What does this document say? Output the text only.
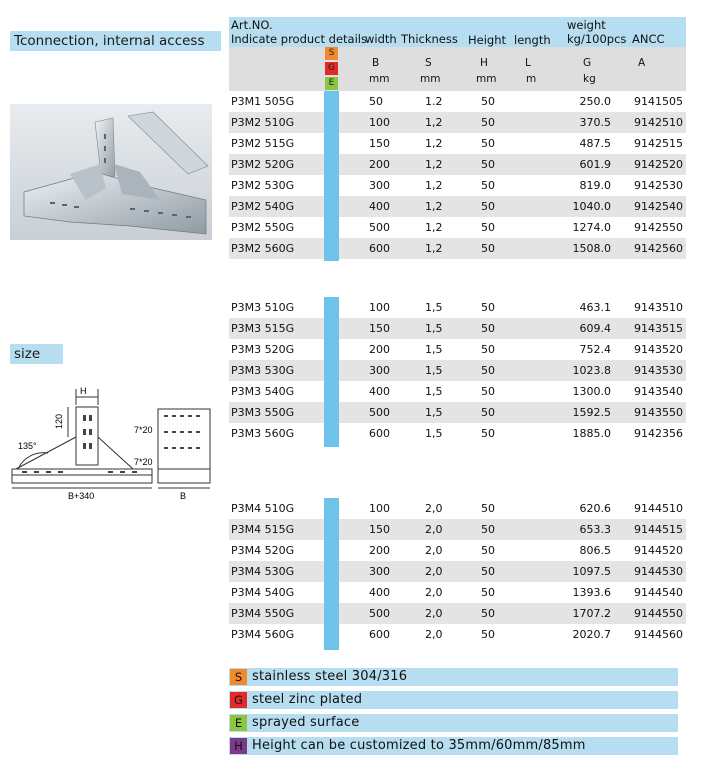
Tconnection, internal access
size
H
120
135°
7*20
7*20
B+340	B
Art.NO.
Indicate product details
width Thickness Height length
weight
kg/100pcs ANCC
S
G
E
B	S	H	L	G	A
mm	mm	mm	m	kg
P3M1 505G	50	1.2	50	250.0 9141505
P3M2 510G	100	1,2	50	370.5 9142510
P3M2 515G	150	1,2	50	487.5 9142515
P3M2 520G	200	1,2	50	601.9 9142520
P3M2 530G	300	1,2	50	819.0 9142530
P3M2 540G	400	1,2	50	1040.0 9142540
P3M2 550G	500	1,2	50	1274.0 9142550
P3M2 560G	600	1,2	50	1508.0 9142560
P3M3 510G	100	1,5	50	463.1 9143510
P3M3 515G	150	1,5	50	609.4 9143515
P3M3 520G	200	1,5	50	752.4 9143520
P3M3 530G	300	1,5	50	1023.8 9143530
P3M3 540G	400	1,5	50	1300.0 9143540
P3M3 550G	500	1,5	50	1592.5 9143550
P3M3 560G	600	1,5	50	1885.0 9142356
P3M4 510G	100	2,0	50	620.6 9144510
P3M4 515G	150	2,0	50	653.3 9144515
P3M4 520G	200	2,0	50	806.5 9144520
P3M4 530G	300	2,0	50	1097.5 9144530
P3M4 540G	400	2,0	50	1393.6 9144540
P3M4 550G	500	2,0	50	1707.2 9144550
P3M4 560G	600	2,0	50	2020.7 9144560
S stainless steel 304/316
G steel zinc plated
E sprayed surface
H Height can be customized to 35mm/60mm/85mm
